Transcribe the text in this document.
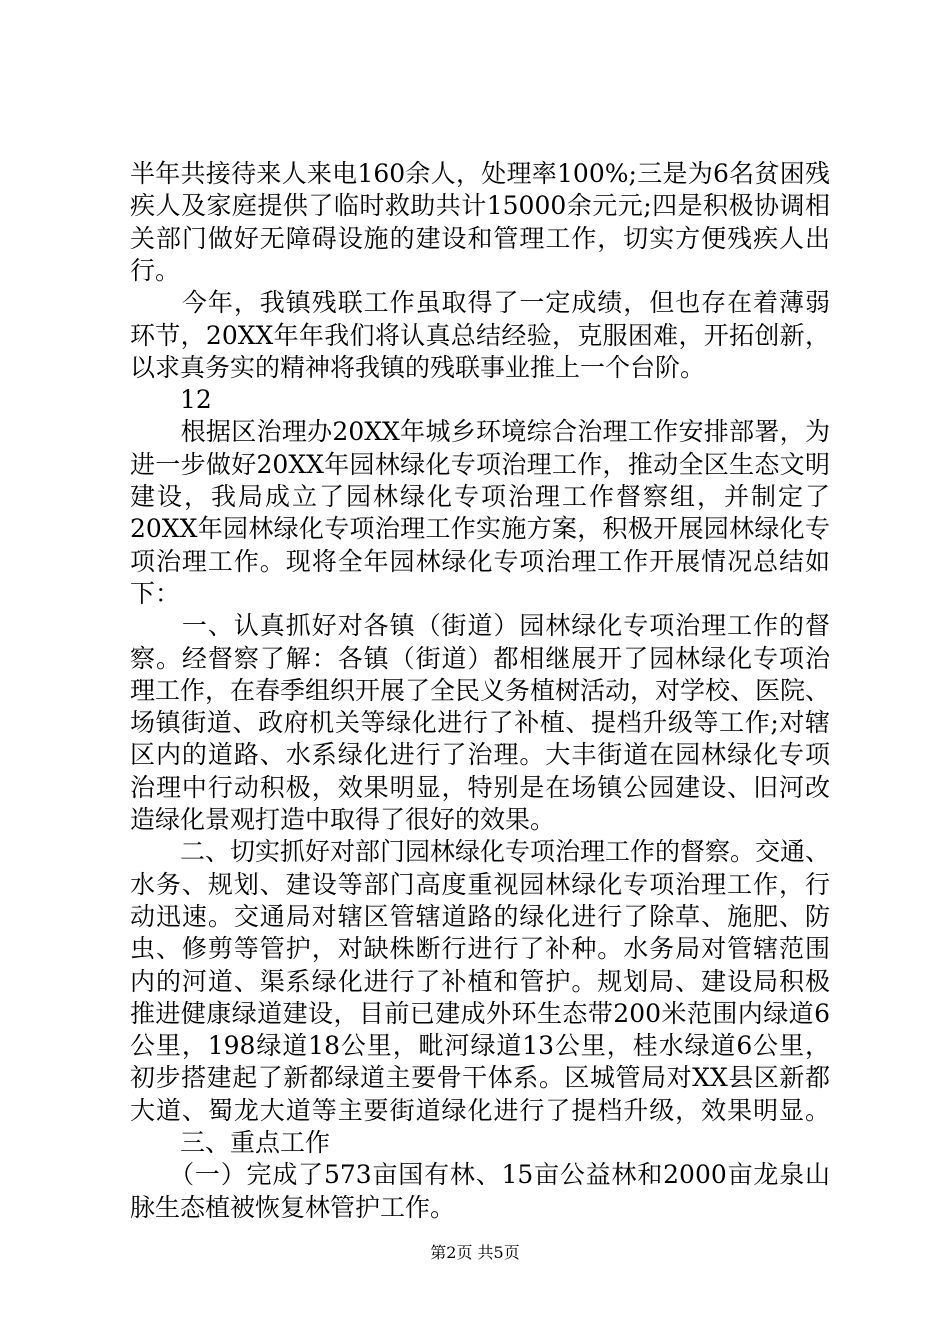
半年共接待来人来电160余人，处理率100%;三是为6名贫困残
疾人及家庭提供了临时救助共计15000余元元;四是积极协调相
关部门做好无障碍设施的建设和管理工作，切实方便残疾人出
行。
　　今年，我镇残联工作虽取得了一定成绩，但也存在着薄弱
环节，20XX年年我们将认真总结经验，克服困难，开拓创新，
以求真务实的精神将我镇的残联事业推上一个台阶。
　　12
　　根据区治理办20XX年城乡环境综合治理工作安排部署，为
进一步做好20XX年园林绿化专项治理工作，推动全区生态文明
建设，我局成立了园林绿化专项治理工作督察组，并制定了
20XX年园林绿化专项治理工作实施方案，积极开展园林绿化专
项治理工作。现将全年园林绿化专项治理工作开展情况总结如
下：
　　一、认真抓好对各镇（街道）园林绿化专项治理工作的督
察。经督察了解：各镇（街道）都相继展开了园林绿化专项治
理工作，在春季组织开展了全民义务植树活动，对学校、医院、
场镇街道、政府机关等绿化进行了补植、提档升级等工作;对辖
区内的道路、水系绿化进行了治理。大丰街道在园林绿化专项
治理中行动积极，效果明显，特别是在场镇公园建设、旧河改
造绿化景观打造中取得了很好的效果。
　　二、切实抓好对部门园林绿化专项治理工作的督察。交通、
水务、规划、建设等部门高度重视园林绿化专项治理工作，行
动迅速。交通局对辖区管辖道路的绿化进行了除草、施肥、防
虫、修剪等管护，对缺株断行进行了补种。水务局对管辖范围
内的河道、渠系绿化进行了补植和管护。规划局、建设局积极
推进健康绿道建设，目前已建成外环生态带200米范围内绿道6
公里，198绿道18公里，毗河绿道13公里，桂水绿道6公里，
初步搭建起了新都绿道主要骨干体系。区城管局对XX县区新都
大道、蜀龙大道等主要街道绿化进行了提档升级，效果明显。
　　三、重点工作
　　（一）完成了573亩国有林、15亩公益林和2000亩龙泉山
脉生态植被恢复林管护工作。
第2页 共5页
